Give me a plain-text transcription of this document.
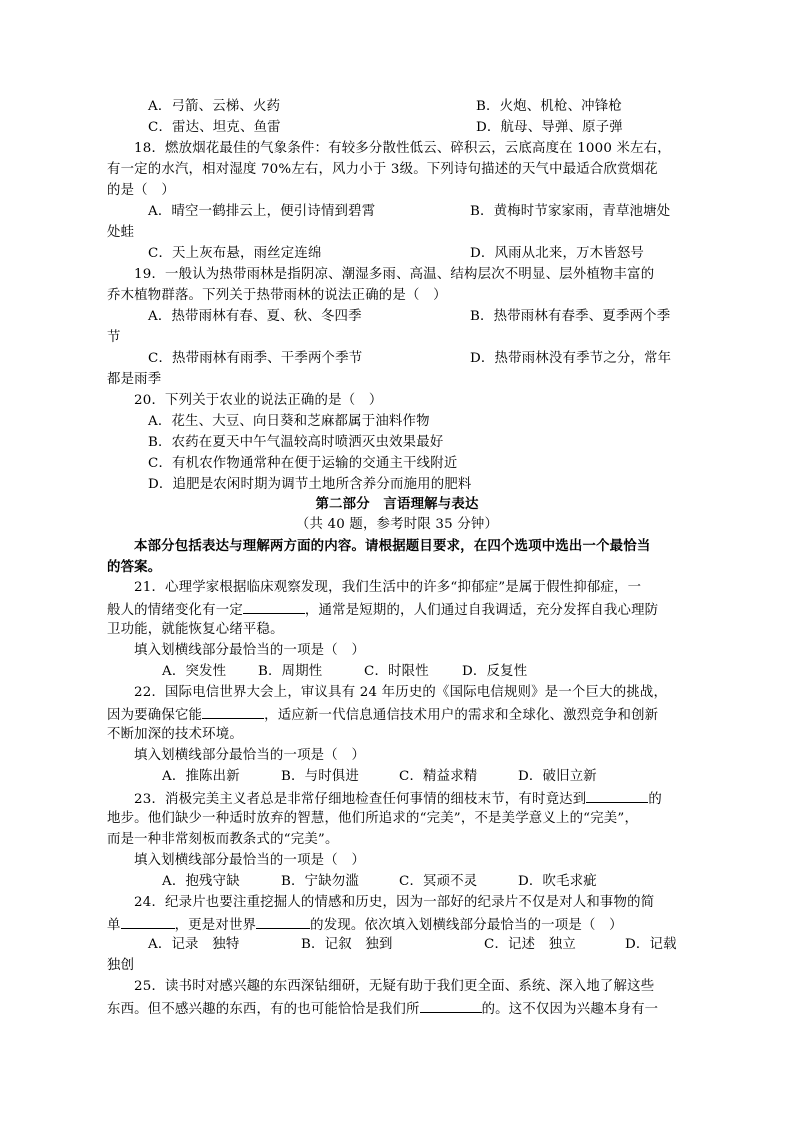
A．弓箭、云梯、火药	B．火炮、机枪、冲锋枪
C．雷达、坦克、鱼雷	D．航母、导弹、原子弹
18．燃放烟花最佳的气象条件：有较多分散性低云、碎积云，云底高度在 1000 米左右，
有一定的水汽，相对湿度 70%左右，风力小于 3级。下列诗句描述的天气中最适合欣赏烟花
的是（　）
A．晴空一鹤排云上，便引诗情到碧霄	B．黄梅时节家家雨，青草池塘处
处蛙
C．天上灰布悬，雨丝定连绵	D．风雨从北来，万木皆怒号
19．一般认为热带雨林是指阴凉、潮湿多雨、高温、结构层次不明显、层外植物丰富的
乔木植物群落。下列关于热带雨林的说法正确的是（　）
A．热带雨林有春、夏、秋、冬四季	B．热带雨林有春季、夏季两个季
节
C．热带雨林有雨季、干季两个季节	D．热带雨林没有季节之分，常年
都是雨季
20．下列关于农业的说法正确的是（　）
A．花生、大豆、向日葵和芝麻都属于油料作物
B．农药在夏天中午气温较高时喷洒灭虫效果最好
C．有机农作物通常种在便于运输的交通主干线附近
D．追肥是农闲时期为调节土地所含养分而施用的肥料
第二部分　言语理解与表达
（共 40 题，参考时限 35 分钟）
本部分包括表达与理解两方面的内容。请根据题目要求，在四个选项中选出一个最恰当
的答案。
21．心理学家根据临床观察发现，我们生活中的许多“抑郁症”是属于假性抑郁症，一
般人的情绪变化有一定	，通常是短期的，人们通过自我调适，充分发挥自我心理防
卫功能，就能恢复心绪平稳。
填入划横线部分最恰当的一项是（　）
A．突发性 B．周期性	C．时限性 D．反复性
22．国际电信世界大会上，审议具有 24 年历史的《国际电信规则》是一个巨大的挑战，
因为要确保它能	，适应新一代信息通信技术用户的需求和全球化、激烈竞争和创新
不断加深的技术环境。
填入划横线部分最恰当的一项是（　）
A．推陈出新	B．与时俱进	C．精益求精	D．破旧立新
23．消极完美主义者总是非常仔细地检查任何事情的细枝末节，有时竟达到	的
地步。他们缺少一种适时放弃的智慧，他们所追求的“完美”，不是美学意义上的“完美”，
而是一种非常刻板而教条式的“完美”。
填入划横线部分最恰当的一项是（　）
A．抱残守缺	B．宁缺勿滥	C．冥顽不灵	D．吹毛求疵
24．纪录片也要注重挖掘人的情感和历史，因为一部好的纪录片不仅是对人和事物的简
单	，更是对世界	的发现。依次填入划横线部分最恰当的一项是（　）
A．记录　独特	B．记叙　独到	C．记述　独立	D．记载
独创
25．读书时对感兴趣的东西深钻细研，无疑有助于我们更全面、系统、深入地了解这些
东西。但不感兴趣的东西，有的也可能恰恰是我们所	的。这不仅因为兴趣本身有一
